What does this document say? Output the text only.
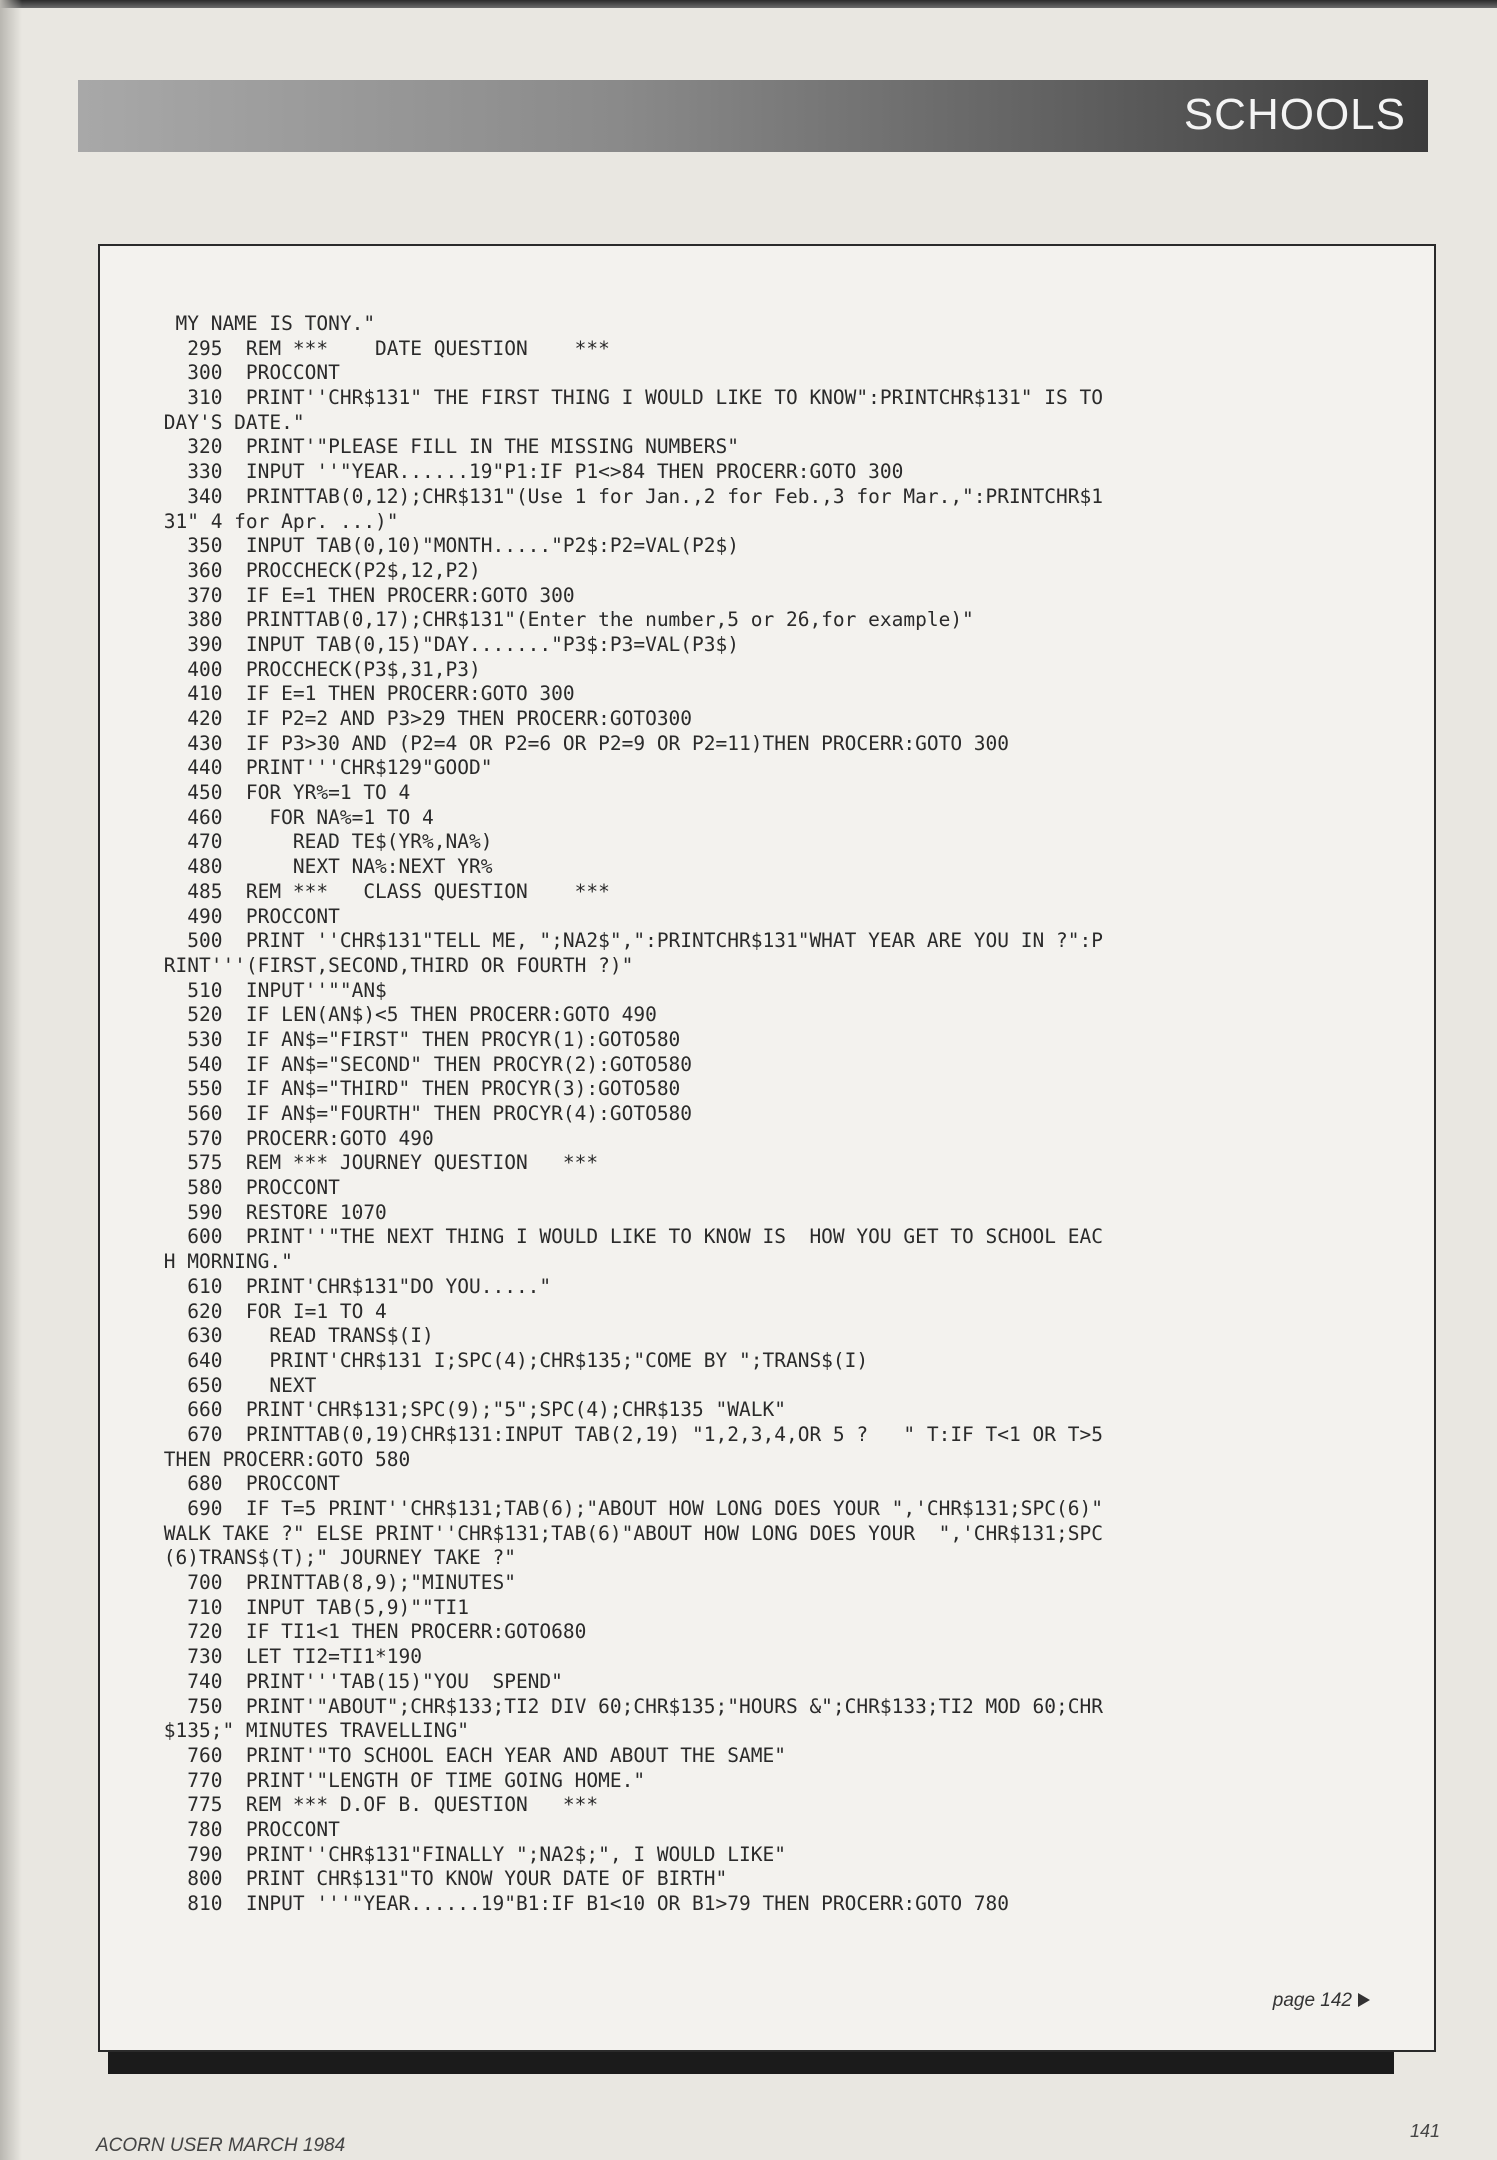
SCHOOLS
MY NAME IS TONY."
295  REM ***    DATE QUESTION    ***
300  PROCCONT
310  PRINT''CHR$131" THE FIRST THING I WOULD LIKE TO KNOW":PRINTCHR$131" IS TO
DAY'S DATE."
320  PRINT'"PLEASE FILL IN THE MISSING NUMBERS"
330  INPUT ''"YEAR......19"P1:IF P1<>84 THEN PROCERR:GOTO 300
340  PRINTTAB(0,12);CHR$131"(Use 1 for Jan.,2 for Feb.,3 for Mar.,":PRINTCHR$1
31" 4 for Apr. ...)"
350  INPUT TAB(0,10)"MONTH....."P2$:P2=VAL(P2$)
360  PROCCHECK(P2$,12,P2)
370  IF E=1 THEN PROCERR:GOTO 300
380  PRINTTAB(0,17);CHR$131"(Enter the number,5 or 26,for example)"
390  INPUT TAB(0,15)"DAY......."P3$:P3=VAL(P3$)
400  PROCCHECK(P3$,31,P3)
410  IF E=1 THEN PROCERR:GOTO 300
420  IF P2=2 AND P3>29 THEN PROCERR:GOTO300
430  IF P3>30 AND (P2=4 OR P2=6 OR P2=9 OR P2=11)THEN PROCERR:GOTO 300
440  PRINT'''CHR$129"GOOD"
450  FOR YR%=1 TO 4
460    FOR NA%=1 TO 4
470      READ TE$(YR%,NA%)
480      NEXT NA%:NEXT YR%
485  REM ***   CLASS QUESTION    ***
490  PROCCONT
500  PRINT ''CHR$131"TELL ME, ";NA2$",":PRINTCHR$131"WHAT YEAR ARE YOU IN ?":P
RINT'''(FIRST,SECOND,THIRD OR FOURTH ?)"
510  INPUT''""AN$
520  IF LEN(AN$)<5 THEN PROCERR:GOTO 490
530  IF AN$="FIRST" THEN PROCYR(1):GOTO580
540  IF AN$="SECOND" THEN PROCYR(2):GOTO580
550  IF AN$="THIRD" THEN PROCYR(3):GOTO580
560  IF AN$="FOURTH" THEN PROCYR(4):GOTO580
570  PROCERR:GOTO 490
575  REM *** JOURNEY QUESTION   ***
580  PROCCONT
590  RESTORE 1070
600  PRINT''"THE NEXT THING I WOULD LIKE TO KNOW IS  HOW YOU GET TO SCHOOL EAC
H MORNING."
610  PRINT'CHR$131"DO YOU....."
620  FOR I=1 TO 4
630    READ TRANS$(I)
640    PRINT'CHR$131 I;SPC(4);CHR$135;"COME BY ";TRANS$(I)
650    NEXT
660  PRINT'CHR$131;SPC(9);"5";SPC(4);CHR$135 "WALK"
670  PRINTTAB(0,19)CHR$131:INPUT TAB(2,19) "1,2,3,4,OR 5 ?   " T:IF T<1 OR T>5
THEN PROCERR:GOTO 580
680  PROCCONT
690  IF T=5 PRINT''CHR$131;TAB(6);"ABOUT HOW LONG DOES YOUR ",'CHR$131;SPC(6)"
WALK TAKE ?" ELSE PRINT''CHR$131;TAB(6)"ABOUT HOW LONG DOES YOUR  ",'CHR$131;SPC
(6)TRANS$(T);" JOURNEY TAKE ?"
700  PRINTTAB(8,9);"MINUTES"
710  INPUT TAB(5,9)""TI1
720  IF TI1<1 THEN PROCERR:GOTO680
730  LET TI2=TI1*190
740  PRINT'''TAB(15)"YOU  SPEND"
750  PRINT'"ABOUT";CHR$133;TI2 DIV 60;CHR$135;"HOURS &";CHR$133;TI2 MOD 60;CHR
$135;" MINUTES TRAVELLING"
760  PRINT'"TO SCHOOL EACH YEAR AND ABOUT THE SAME"
770  PRINT'"LENGTH OF TIME GOING HOME."
775  REM *** D.OF B. QUESTION   ***
780  PROCCONT
790  PRINT''CHR$131"FINALLY ";NA2$;", I WOULD LIKE"
800  PRINT CHR$131"TO KNOW YOUR DATE OF BIRTH"
810  INPUT '''"YEAR......19"B1:IF B1<10 OR B1>79 THEN PROCERR:GOTO 780
page 142
ACORN USER MARCH 1984
141
